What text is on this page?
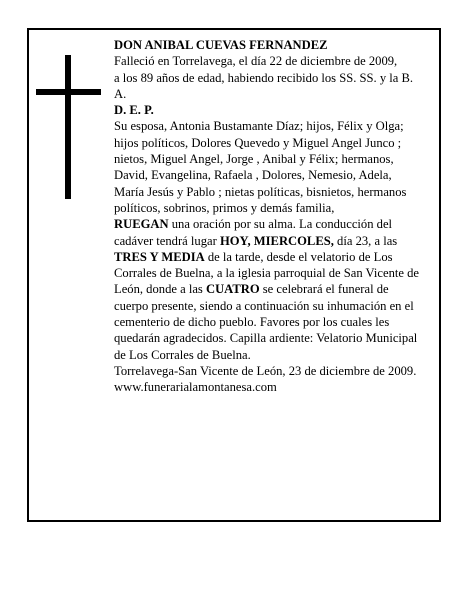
DON ANIBAL CUEVAS FERNANDEZ

Falleció en Torrelavega, el día 22 de diciembre de 2009,

a los 89 años de edad, habiendo recibido los SS. SS. y la B. A.

D. E. P.

Su esposa, Antonia Bustamante Díaz; hijos, Félix y Olga; hijos políticos, Dolores Quevedo y Miguel Angel Junco ; nietos, Miguel Angel, Jorge , Anibal y Félix; hermanos, David, Evangelina, Rafaela , Dolores, Nemesio, Adela, María Jesús y Pablo ; nietas políticas, bisnietos, hermanos políticos, sobrinos, primos y demás familia,

RUEGAN una oración por su alma. La conducción del cadáver tendrá lugar HOY, MIERCOLES, día 23, a las TRES Y MEDIA de la tarde, desde el velatorio de Los Corrales de Buelna, a la iglesia parroquial de San Vicente de León, donde a las CUATRO se celebrará el funeral de cuerpo presente, siendo a continuación su inhumación en el cementerio de dicho pueblo. Favores por los cuales les quedarán agradecidos. Capilla ardiente: Velatorio Municipal de Los Corrales de Buelna.

Torrelavega-San Vicente de León, 23 de diciembre de 2009.

www.funerarialamontanesa.com
